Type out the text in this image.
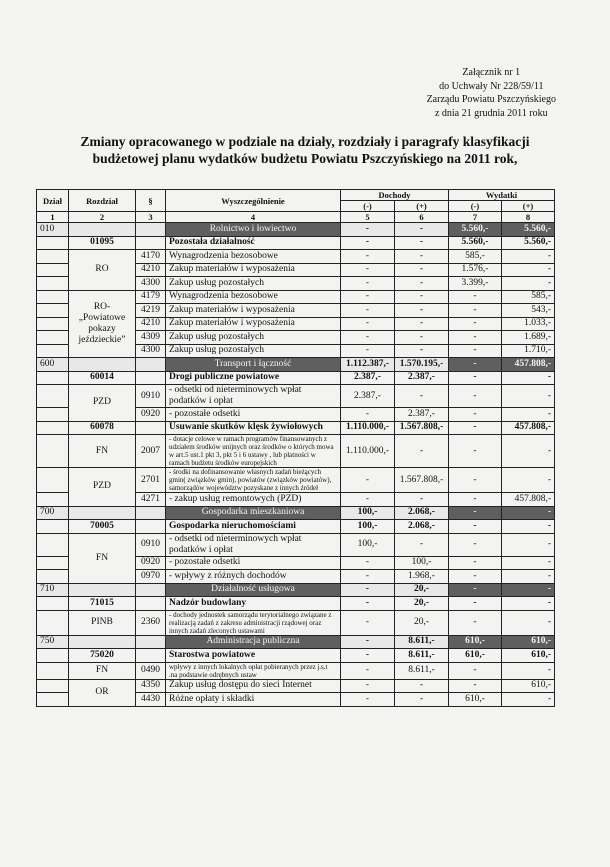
Załącznik nr 1
do Uchwały Nr 228/59/11
Zarządu Powiatu Pszczyńskiego
z dnia 21 grudnia 2011 roku
Zmiany opracowanego w podziale na działy, rozdziały i paragrafy klasyfikacji
budżetowej planu wydatków budżetu Powiatu Pszczyńskiego na 2011 rok,
Dział	Rozdział	§	Wyszczególnienie	Dochody		Wydatki	
				(-)	(+)	(-)	(+)
1	2	3	4	5	6	7	8
010			Rolnictwo i łowiectwo	-	-	5.560,-	5.560,-
	01095		Pozostała działalność	-	-	5.560,-	5.560,-
	RO	4170	Wynagrodzenia bezosobowe	-	-	585,-	-
		4210	Zakup materiałów i wyposażenia	-	-	1.576,-	-
		4300	Zakup usług pozostałych	-	-	3.399,-	-
	RO- „Powiatowe pokazy jeździeckie”	4179	Wynagrodzenia bezosobowe	-	-	-	585,-
		4219	Zakup materiałów i wyposażenia	-	-	-	543,-
		4210	Zakup materiałów i wyposażenia	-	-	-	1.033,-
		4309	Zakup usług pozostałych	-	-	-	1.689,-
		4300	Zakup usług pozostałych	-	-	-	1.710,-
600			Transport i łączność	1.112.387,-	1.570.195,-	-	457.808,-
	60014		Drogi publiczne powiatowe	2.387,-	2.387,-	-	-
	PZD	0910	- odsetki od nieterminowych wpłat podatków i opłat	2.387,-	-	-	-
		0920	- pozostałe odsetki	-	2.387,-	-	-
	60078		Usuwanie skutków klęsk żywiołowych	1.110.000,-	1.567.808,-	-	457.808,-
	FN	2007	- dotacje celowe w ramach programów finansowanych z udziałem środków unijnych oraz środków o których mowa w art.5 ust.1 pkt 3, pkt 5 i 6 ustawy , lub płatności w ramach budżetu środków europejskich	1.110.000,-	-	-	-
	PZD	2701	- środki na dofinansowanie własnych zadań bieżących gmin( związków gmin), powiatów (związków powiatów), samorządów województw pozyskane z innych źródeł	-	1.567.808,-	-	-
		4271	- zakup usług remontowych (PZD)	-	-	-	457.808,-
700			Gospodarka mieszkaniowa	100,-	2.068,-	-	-
	70005		Gospodarka nieruchomościami	100,-	2.068,-	-	-
	FN	0910	- odsetki od nieterminowych wpłat podatków i opłat	100,-	-	-	-
		0920	- pozostałe odsetki	-	100,-	-	-
		0970	- wpływy z różnych dochodów	-	1.968,-	-	-
710			Działalność usługowa	-	20,-	-	-
	71015		Nadzór budowlany	-	20,-	-	-
	PINB	2360	- dochody jednostek samorządu terytorialnego związane z realizacją zadań z zakresu administracji rządowej oraz innych zadań zleconych ustawami	-	20,-	-	-
750			Administracja publiczna	-	8.611,-	610,-	610,-
	75020		Starostwa powiatowe	-	8.611,-	610,-	610,-
	FN	0490	wpływy z innych lokalnych opłat pobieranych przez j.s.t .na podstawie odrębnych ustaw	-	8.611,-	-	-
	OR	4350	Zakup usług dostępu do sieci Internet	-	-	-	610,-
		4430	Różne opłaty i składki	-	-	610,-	-
